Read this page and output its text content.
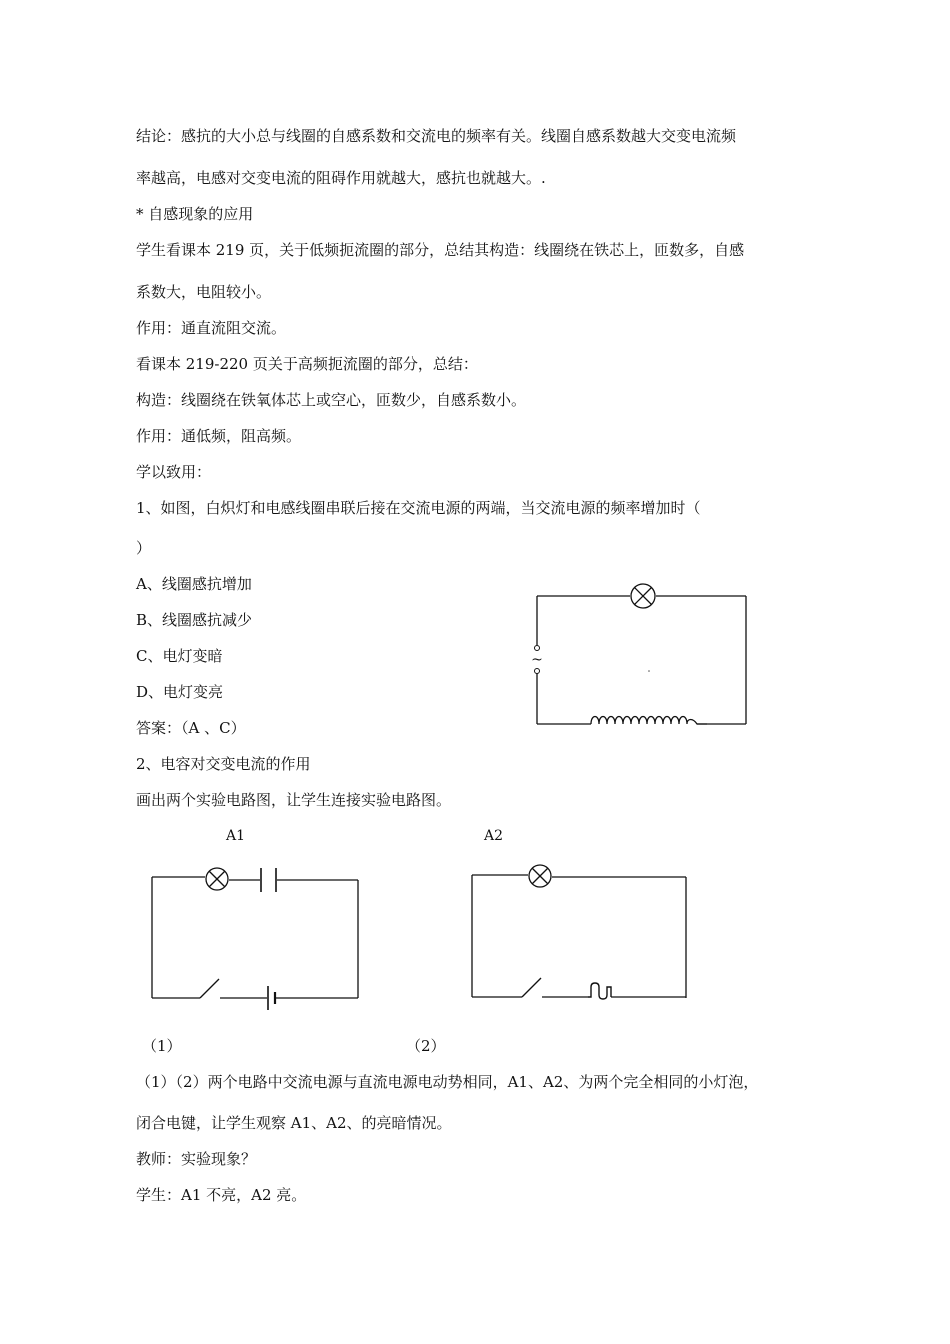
结论：感抗的大小总与线圈的自感系数和交流电的频率有关。线圈自感系数越大交变电流频
率越高，电感对交变电流的阻碍作用就越大，感抗也就越大。.
* 自感现象的应用
学生看课本 219 页，关于低频扼流圈的部分，总结其构造：线圈绕在铁芯上，匝数多，自感
系数大，电阻较小。
作用：通直流阻交流。
看课本 219-220 页关于高频扼流圈的部分，总结：
构造：线圈绕在铁氧体芯上或空心，匝数少，自感系数小。
作用：通低频，阻高频。
学以致用：
1、如图，白炽灯和电感线圈串联后接在交流电源的两端，当交流电源的频率增加时（
）
A、线圈感抗增加
B、线圈感抗减少
C、电灯变暗
D、电灯变亮
答案：（A 、C）
2、电容对交变电流的作用
画出两个实验电路图，让学生连接实验电路图。
~
A1	A2
（1）	（2）
（1）（2）两个电路中交流电源与直流电源电动势相同，A1、A2、为两个完全相同的小灯泡，
闭合电键，让学生观察 A1、A2、的亮暗情况。
教师：实验现象？
学生：A1 不亮，A2 亮。
